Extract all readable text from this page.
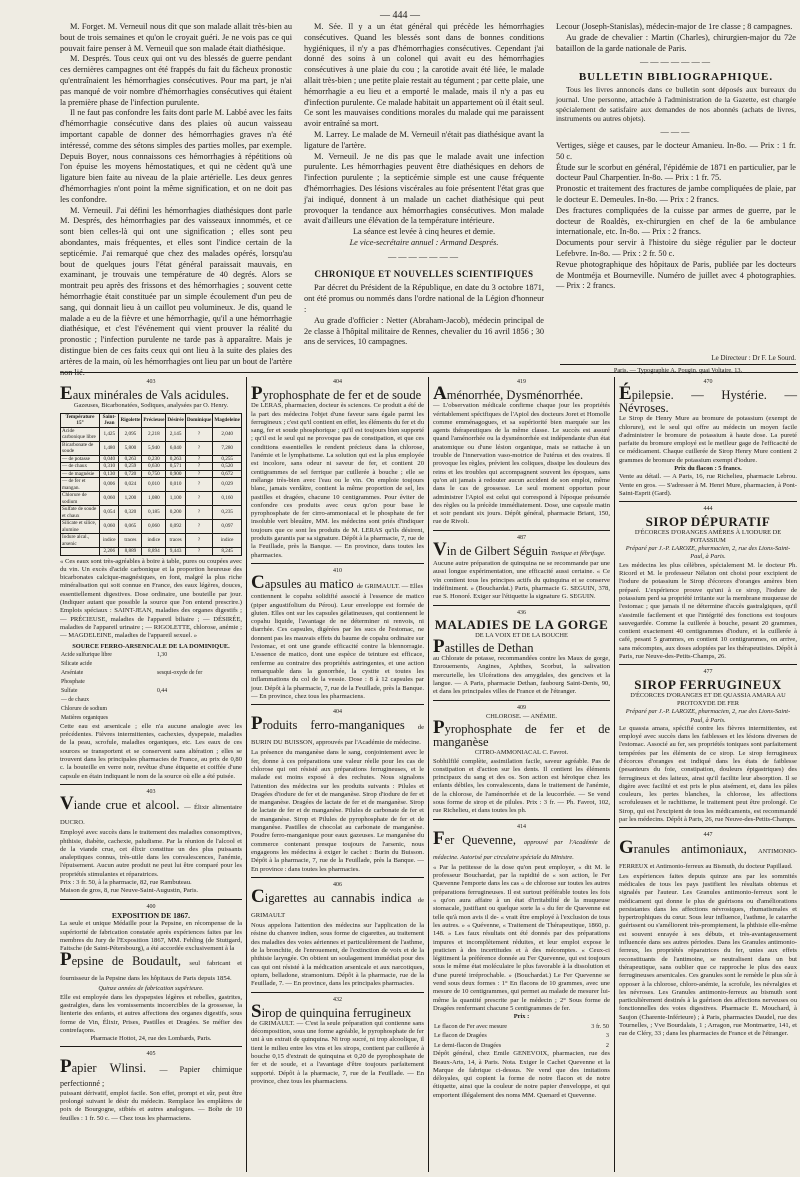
— 444 —

M. Forget. M. Verneuil nous dit que son malade allait très-bien au bout de trois semaines et qu'on le croyait guéri. Je ne vois pas ce qui pouvait faire penser à M. Verneuil que son malade était diathésique.

M. Després. Tous ceux qui ont vu des blessés de guerre pendant ces dernières campagnes ont été frappés du fait du fâcheux pronostic qu'entraînaient les hémorrhagies consécutives. Pour ma part, je n'ai pas manqué de voir nombre d'hémorrhagies consécutives qui étaient la première phase de l'infection purulente.

Il ne faut pas confondre les faits dont parle M. Labbé avec les faits d'hémorrhagie consécutive dans des plaies où aucun vaisseau important capable de donner des hémorrhagies graves n'a été intéressé, comme des sétons simples des parties molles, par exemple. Depuis Boyer, nous connaissons ces hémorrhagies à répétitions où l'on épuise les moyens hémostatiques, et qui ne cèdent qu'à une ligature bien faite au niveau de la plaie artérielle. Les deux genres d'hémorrhagies n'ont point la même signification, et on ne doit pas les confondre.

M. Verneuil. J'ai défini les hémorrhagies diathésiques dont parle M. Després, des hémorrhagies par des vaisseaux innommés, et ce sont bien celles-là qui ont une signification ; elles sont peu abondantes, mais fréquentes, et elles sont l'indice certain de la septicémie. J'ai remarqué que chez des malades opérés, lorsqu'au bout de quelques jours l'état général paraissait mauvais, en examinant, je trouvais une température de 40 degrés. Alors se montrait peu après des frissons et des hémorrhagies ; souvent cette hémorrhagie était constituée par un simple écoulement d'un peu de sang, qui donnait lieu à un caillot peu volumineux. Je dis, quand le malade a eu de la fièvre et une hémorrhagie, qu'il a une hémorrhagie diathésique, et c'est l'événement qui vient prouver la réalité du pronostic ; l'infection purulente ne tarde pas à apparaître. Mais je distingue bien de ces faits ceux qui ont lieu à la suite des plaies des artères de la main, où les hémorrhagies ont lieu par un bout de l'artère non lié.

M. Sée. Il y a un état général qui précède les hémorrhagies consécutives. Quand les blessés sont dans de bonnes conditions hygiéniques, il n'y a pas d'hémorrhagies consécutives. Cependant j'ai donné des soins à un colonel qui avait eu des hémorrhagies consécutives à une plaie du cou ; la carotide avait été liée, le malade allait très-bien ; une petite plaie restait au tégument ; par cette plaie, une hémorrhagie a eu lieu et a emporté le malade, mais il n'y a pas eu d'infection purulente. Ce malade habitait un appartement où il était seul. Ce sont les mauvaises conditions morales du malade qui me paraissent avoir entraîné sa mort.

M. Larrey. Le malade de M. Verneuil n'était pas diathésique avant la ligature de l'artère.

M. Verneuil. Je ne dis pas que le malade avait une infection purulente. Les hémorrhagies peuvent être diathésiques en dehors de l'infection purulente ; la septicémie simple est une cause fréquente d'hémorrhagies. Des lésions viscérales au foie présentent l'état gras que j'ai indiqué, donnent à un malade un cachet diathésique qui peut provoquer la tendance aux hémorrhagies consécutives. Mon malade avait d'ailleurs une élévation de la température intérieure.

La séance est levée à cinq heures et demie.

Le vice-secrétaire annuel : Armand Després.

———————
CHRONIQUE ET NOUVELLES SCIENTIFIQUES

Par décret du Président de la République, en date du 3 octobre 1871, ont été promus ou nommés dans l'ordre national de la Légion d'honneur :

Au grade d'officier : Netter (Abraham-Jacob), médecin principal de 2e classe à l'hôpital militaire de Rennes, chevalier du 16 avril 1856 ; 30 ans de services, 10 campagnes.

Lecour (Joseph-Stanislas), médecin-major de 1re classe ; 8 campagnes.

Au grade de chevalier : Martin (Charles), chirurgien-major du 72e bataillon de la garde nationale de Paris.

———————
BULLETIN BIBLIOGRAPHIQUE.

Tous les livres annoncés dans ce bulletin sont déposés aux bureaux du journal. Une personne, attachée à l'administration de la Gazette, est chargée spécialement de satisfaire aux demandes de nos abonnés (achats de livres, instruments ou autres objets).

———

Vertiges, siège et causes, par le docteur Amanieu. In-8o. — Prix : 1 fr. 50 c.

Étude sur le scorbut en général, l'épidémie de 1871 en particulier, par le docteur Paul Charpentier. In-8o. — Prix : 1 fr. 75.

Pronostic et traitement des fractures de jambe compliquées de plaie, par le docteur E. Demeules. In-8o. — Prix : 2 francs.

Des fractures compliquées de la cuisse par armes de guerre, par le docteur de Roaldès, ex-chirurgien en chef de la 6e ambulance internationale, etc. In-8o. — Prix : 2 francs.

Documents pour servir à l'histoire du siège régulier par le docteur Lefebvre. In-8o. — Prix : 2 fr. 50 c.

Revue photographique des hôpitaux de Paris, publiée par les docteurs de Montméja et Bourneville. Numéro de juillet avec 4 photographies. — Prix : 2 francs.

Le Directeur : Dr F. Le Sourd.
Paris. — Typographie A. Pougin, quai Voltaire, 13.
403
Eaux minérales de Vals acidules.
Gazeuses, Bicarbonatées, Sodiques, analysées par O. Henry.
Température 15°	Saint-Jean	Rigolette	Précieuse	Désirée	Dominique	Magdeleine
Acide carbonique libre	1,425	2,095	2,218	2,145	?	2,040
Bicarbonate de soude	1,480	5,800	5,940	6,040	?	7,280
— de potasse	0,040	0,263	0,230	0,263	?	0,255
— de chaux	0,310	0,259	0,630	0,571	?	0,520
— de magnésie	0,130	0,720	0,750	0,900	?	0,672
— de fer et mangan.	0,006	0,024	0,010	0,010	?	0,029
Chlorure de sodium	0,060	1,200	1,080	1,100	?	0,160
Sulfate de soude et chaux	0,054	0,320	0,185	0,200	?	0,235
Silicate et silice, alumine	0,060	0,065	0,060	0,092	?	0,097
Iodure alcal., arsenic	indice	traces	indice	traces	?	indice
	2,206	8,889	8,894	9,443	?	8,245
« Ces eaux sont très-agréables à boire à table, pures ou coupées avec du vin. Un excès d'acide carbonique et la proportion heureuse des bicarbonates calcique-magnésiques, en font, malgré la plus riche minéralisation qui soit connue en France, des eaux légères, douces, essentiellement digestives. Dose ordinaire, une bouteille par jour. (Indiquer autant que possible la source que l'on entend prescrire.) Emplois spéciaux : SAINT-JEAN, maladies des organes digestifs ; — PRÉCIEUSE, maladies de l'appareil biliaire ; — DÉSIRÉE, maladies de l'appareil urinaire ; — RIGOLETTE, chlorose, anémie ; — MAGDELEINE, maladies de l'appareil sexuel. »
SOURCE FERRO-ARSENICALE DE LA DOMINIQUE.
Acide sulfurique libre	1,30
Silicate acide	
Arséniate	sesqui-oxyde de fer
Phosphate	
Sulfate	0,44
— de chaux	
Chlorure de sodium	
Matières organiques	
Cette eau est arsenicale ; elle n'a aucune analogie avec les précédentes. Fièvres intermittentes, cachexies, dyspepsie, maladies de la peau, scrofule, maladies organiques, etc. Les eaux de ces sources se transportent et se conservent sans altération ; elles se trouvent dans les principales pharmacies de France, au prix de 0,80 c. la bouteille en verre noir, revêtue d'une étiquette et coiffée d'une capsule en étain indiquant le nom de la source où elle a été puisée.
403
Viande crue et alcool. — Élixir alimentaire DUCRO.
Employé avec succès dans le traitement des maladies consomptives, phthisie, diabète, cachexie, paludisme. Par la réunion de l'alcool et de la viande crue, cet élixir constitue un des plus puissants analeptiques connus, très-utile dans les convalescences, l'anémie, l'épuisement. Aucun autre produit ne peut lui être comparé pour les propriétés stimulantes et réparatrices.
Prix : 3 fr. 50, à la pharmacie, 82, rue Rambuteau.
Maison de gros, 8, rue Neuve-Saint-Augustin, Paris.
400
EXPOSITION DE 1867.
La seule et unique Médaille pour la Pepsine, en récompense de la supériorité de fabrication constatée après expériences faites par les membres du Jury de l'Exposition 1867, MM. Fehling (de Stuttgard, Faitsche (de Saint-Pétersbourg), a été accordée exclusivement à la
Pepsine de Boudault, seul fabricant et fournisseur de la Pepsine dans les hôpitaux de Paris depuis 1854.
Quinze années de fabrication supérieure.
Elle est employée dans les dyspepsies légères et rebelles, gastrites, gastralgies, dans les vomissements incoercibles de la grossesse, la lienterie des enfants, et autres affections des organes digestifs, sous forme de Vin, Élixir, Prises, Pastilles et Dragées. Se méfier des contrefaçons.
Pharmacie Hottot, 24, rue des Lombards, Paris.
405
Papier Wlinsi. — Papier chimique perfectionné ;
puissant dérivatif, emploi facile. Son effet, prompt et sûr, peut être prolongé suivant le désir du médecin. Remplace les emplâtres de poix de Bourgogne, stibiés et autres analogues. — Boîte de 10 feuilles : 1 fr. 50 c. — Chez tous les pharmaciens.
404
Pyrophosphate de fer et de soude
De LERAS, pharmacien, docteur ès sciences. Ce produit a été de la part des médecins l'objet d'une faveur sans égale parmi les ferrugineux ; c'est qu'il contient en effet, les éléments du fer et du sang, fer et soude phosphorique ; qu'il est toujours bien supporté ; qu'il est le seul qui ne provoque pas de constipation, et que ces conditions essentielles le rendent précieux dans la chlorose, l'anémie et le lymphatisme. La solution qui est la plus employée est incolore, sans odeur ni saveur de fer, et contient 20 centigrammes de sel ferrique par cuillerée à bouche ; elle se mélange très-bien avec l'eau ou le vin. On emploie toujours blanc, jamais verdâtre, contient la même proportion de sel, les pastilles et dragées, chacune 10 centigrammes. Pour éviter de confondre ces produits avec ceux qu'on pour base le pyrophosphate de fer cirro-ammoniacal et le phosphate de fer insoluble vert bleuâtre, MM. les médecins sont priés d'indiquer toujours que ce sont les produits de M. LERAS qu'ils désirent, produits garantis par sa signature. Dépôt à la pharmacie, 7, rue de la Feuillade, près la Banque. — En province, dans toutes les pharmacies.
410
Capsules au matico de GRIMAULT. — Elles
contiennent le copahu solidifié associé à l'essence de matico (piper angustifolium du Pérou). Leur enveloppe est formée de gluten. Elles ont sur les capsules gélatineuses, qui contiennent le copahu liquide, l'avantage de ne déterminer ni renvois, ni diarrhée. Ces capsules, digérées par les sucs de l'estomac, ne donnent pas les mauvais effets du baume de copahu ordinaire sur l'estomac, et ont une grande efficacité contre la blennorragie. L'essence de matico, dont une espèce de teinture est efficace, renferme au contraire des propriétés astringentes, et une action remarquable dans la gonorrhée, la cystite et toutes les inflammations du col de la vessie. Dose : 8 à 12 capsules par jour. Dépôt à la pharmacie, 7, rue de la Feuillade, près la Banque. — En province, chez tous les pharmaciens.
404
Produits ferro-manganiques de BURIN DU BUISSON, approuvés par l'Académie de médecine.
La présence du manganèse dans le sang, conjointement avec le fer, donne à ces préparations une valeur réelle pour les cas de chlorose qui ont résisté aux préparations ferrugineuses, et le malade est moins exposé à des rechutes. Nous signalons l'attention des médecins sur les produits suivants : Pilules et Dragées d'iodure de fer et de manganèse. Sirop d'iodure de fer et de manganèse. Dragées de lactate de fer et de manganèse. Sirop de lactate de fer et de manganèse. Pilules de carbonate de fer et de manganèse. Sirop et Pilules de pyrophosphate de fer et de manganèse. Pastilles de chocolat au carbonate de manganèse. Poudre ferro-manganique pour eaux gazeuses. Le manganèse du commerce contenant presque toujours de l'arsenic, nous engageons les médecins à exiger le cachet : Burin du Buisson. Dépôt à la pharmacie, 7, rue de la Feuillade, près la Banque. — En province : dans toutes les pharmacies.
406
Cigarettes au cannabis indica de GRIMAULT
Nous appelons l'attention des médecins sur l'application de la résine du chanvre indien, sous forme de cigarettes, au traitement des maladies des voies aériennes et particulièrement de l'asthme, de la bronchite, de l'enrouement, de l'extinction de voix et de la phthisie laryngée. On obtient un soulagement immédiat pour des cas qui ont résisté à la médication arsenicale et aux narcotiques, opium, belladone, stramonium. Dépôt à la pharmacie, rue de la Feuillade, 7. — En province, dans les principales pharmacies.
432
Sirop de quinquina ferrugineux
de GRIMAULT. — C'est la seule préparation qui contienne sans décomposition, sous une forme agréable, le pyrophosphate de fer uni à un extrait de quinquina. Ni trop sucré, ni trop alcoolique, il tient le milieu entre les vins et les sirops, contient par cuillerée à bouche 0,15 d'extrait de quinquina et 0,20 de pyrophosphate de fer et de soude, et a l'avantage d'être toujours parfaitement supporté. Dépôt à la pharmacie, 7, rue de la Feuillade. — En province, chez tous les pharmaciens.
419
Aménorrhée, Dysménorrhée.
— L'observation médicale confirme chaque jour les propriétés véritablement spécifiques de l'Apiol des docteurs Joret et Homolle comme emménagogues, et sa supériorité bien marquée sur les agents thérapeutiques de la même classe. Le succès est assuré quand l'aménorrhée ou la dysménorrhée est indépendante d'un état anatomique ou d'une lésion organique, mais se rattache à un trouble de l'innervation vaso-motrice de l'utérus et des ovaires. Il provoque les règles, prévient les coliques, dissipe les douleurs des reins et les troubles qui accompagnent souvent les époques, sans qu'on ait jamais à redouter aucun accident de son emploi, même dans le cas de grossesse. Le seul moment opportun pour administrer l'Apiol est celui qui correspond à l'époque présumée des règles ou la précède immédiatement. Dose, une capsule matin et soir pendant six jours. Dépôt général, pharmacie Briant, 150, rue de Rivoli.
487
Vin de Gilbert Séguin Tonique et fébrifuge.
Aucune autre préparation de quinquina ne se recommande par une aussi longue expérimentation, une efficacité aussi certaine. « Ce vin contient tous les principes actifs du quinquina et se conserve indéfiniment. » (Bouchardat.) Paris, pharmacie G. SEGUIN, 378, rue S. Honoré. Exiger sur l'étiquette la signature G. SEGUIN.
436
MALADIES DE LA GORGE
DE LA VOIX ET DE LA BOUCHE
Pastilles de Dethan
au Chlorate de potasse, recommandées contre les Maux de gorge, Enrouements, Angines, Aphthes, Scorbut, la salivation mercurielle, les Ulcérations des amygdales, des gencives et la langue. — A Paris, pharmacie Dethan, faubourg Saint-Denis, 90, et dans les principales villes de France et de l'étranger.
409
CHLOROSE. — ANÉMIE.
Pyrophosphate de fer et de manganèse
CITRO-AMMONIACAL C. Favrot.
Sobhilfilé complète, assimilation facile, saveur agréable. Pas de constipation et d'action sur les dents. Il contient les éléments principaux du sang et des os. Son action est héroïque chez les enfants débiles, les convalescents, dans le traitement de l'anémie, de la chlorose, de l'aménorrhée et de la leucorrhée. — Se vend sous forme de sirop et de pilules. Prix : 3 fr. — Ph. Favrot, 102, rue Richelieu, et dans toutes les ph.
414
Fer Quevenne, approuvé par l'Académie de médecine. Autorisé par circulaire spéciale du Ministre.
« Par la petitesse de la dose qu'on peut employer, « dit M. le professeur Bouchardat, par la rapidité de « son action, le Fer Quevenne l'emporte dans les cas « de chlorose sur toutes les autres préparations ferrugineuses. Il est surtout préférable toutes les fois « qu'on aura affaire à un état d'irritabilité de la muqueuse stomacale, justifiant ou quelque sorte la « du fer de Quevenne est telle qu'à mon avis il de- « vrait être employé à l'exclusion de tous les autres. » « Quévenne, « Traitement de Thérapeutique, 1860, p. 148. » Les faux résultats ont été donnés par des préparations impures et incomplètement réduites, et leur emploi expose le praticien à des incertitudes et à des mécomptes. « Ceux-ci légitiment la préférence donnée au Fer Quevenne, qui est toujours sous le même état moléculaire le plus favorable à la dissolution et d'une pureté irréprochable. » (Bouchardat.) Le Fer Quevenne se vend sous deux formes : 1° En flacons de 10 grammes, avec une mesure de 10 centigrammes, qui permet au malade de mesurer lui-même la quantité prescrite par le médecin ; 2° Sous forme de Dragées renfermant chacune 5 centigrammes de fer.
Prix :
Le flacon de Fer avec mesure	3 fr. 50
Le flacon de Dragées	3
Le demi-flacon de Dragées	2
Dépôt général, chez Emile GENEVOIX, pharmacien, rue des Beaux-Arts, 14, à Paris. Nota. Exiger le Cachet Quevenne et la Marque de fabrique ci-dessus. Ne vend que des imitations déloyales, qui copient la forme de notre flacon et de notre étiquette, ainsi que la couleur de notre papier d'enveloppe, et qui emportent illégalement des noms MM. Quenard et Quevenne.
470
Épilepsie. — Hystérie. — Névroses.
Le Sirop de Henry Mure au bromure de potassium (exempt de chlorure), est le seul qui offre au médecin un moyen facile d'administrer le bromure de potassium à haute dose. La pureté parfaite du bromure employé est le meilleur gage de l'efficacité de ce médicament. Chaque cuillerée de Sirop Henry Mure contient 2 grammes de bromure de potassium exempt d'iodure.
Prix du flacon : 5 francs.
Vente au détail. — A Paris, 16, rue Richelieu, pharmacie Lebrou. Vente en gros. — S'adresser à M. Henri Mure, pharmacien, à Pont-Saint-Esprit (Gard).
444
SIROP DÉPURATIF
D'ÉCORCES D'ORANGES AMÈRES À L'IODURE DE POTASSIUM
Préparé par J.-P. LAROZE, pharmacien, 2, rue des Lions-Saint-Paul, à Paris.
Les médecins les plus célèbres, spécialement M. le docteur Ph. Ricord et M. le professeur Nélaton ont choisi pour excipient de l'iodure de potassium le Sirop d'écorces d'oranges amères bien préparé. L'expérience prouve qu'uni à ce sirop, l'iodure de potassium perd sa propriété irritante sur la membrane muqueuse de l'estomac ; que jamais il ne détermine d'accès gastralgiques, qu'il s'assimile facilement et que l'intégrité des fonctions est toujours sauvegardée. Comme la cuillerée à bouche, pesant 20 grammes, contient exactement 40 centigrammes d'iodure, et la cuillerée à café, pesant 5 grammes, en contient 10 centigrammes, on arrive, sans mécomptes, aux doses adoptées par les thérapeutistes. Dépôt à Paris, rue Neuve-des-Petits-Champs, 26.
477
SIROP FERRUGINEUX
D'ÉCORCES D'ORANGES ET DE QUASSIA AMARA AU PROTOXYDE DE FER
Préparé par J.-P. LAROZE, pharmacien, 2, rue des Lions-Saint-Paul, à Paris.
Le quassia amara, spécifié contre les fièvres intermittentes, est employé avec succès dans les faiblesses et les lésions diverses de l'estomac. Associé au fer, ses propriétés toniques sont parfaitement tempérées par les éléments de ce sirop. Le sirop ferrugineux d'écorces d'oranges est indiqué dans les états de faiblesse (pesanteurs du foie, constipation, douleurs épigastriques) des ferrugineux et des laiteux, ainsi qu'il facilite leur absorption. Il se digère avec facilité et est pris le plus aisément, et, dans les pâles couleurs, les pertes blanches, la chlorose, les affections scrofuleuses et le rachitisme, le traitement peut être prolongé. Ce Sirop, qui est l'excipient de tous les médicaments, est recommandé par les médecins. Dépôt à Paris, 26, rue Neuve-des-Petits-Champs.
447
Granules antimoniaux, ANTIMONIO-FERREUX et Antimonio-ferreux au Bismuth, du docteur Papillaud.
Les expériences faites depuis quinze ans par les sommités médicales de tous les pays justifient les résultats obtenus et signalés par l'auteur. Les Granules antimonio-ferreux sont le médicament qui donne le plus de guérisons ou d'améliorations persistantes dans les affections névrosiques, rhumatismales et hypertrophiques du cœur. Sous leur influence, l'asthme, le catarrhe guérissent ou s'améliorent très-promptement, la phthisie elle-même est souvent enrayée à ses débuts, et très-avantageusement influencée dans ses autres périodes. Dans les Granules antimonio-ferreux, les propriétés réparatrices du fer, unies aux effets reconstituants de l'antimoine, se neutralisent dans un but thérapeutique, sans oublier que ce rapproche le plus des eaux ferrugineuses arsenicales. Ces granules sont le remède le plus sûr à opposer à la chlorose, chloro-anémie, la scrofule, les névralgies et les névroses. Les Granules antimonio-ferreux au bismuth sont particulièrement destinés à la guérison des affections nerveuses ou fonctionnelles des voies digestives. Pharmacie E. Mouchard, à Saujon (Charente-Inférieure) ; à Paris, pharmacies Daudel, rue des Tournelles, ; Vve Bourdalais, 1 ; Arragon, rue Montmartre, 141, et rue de Cléry, 33 ; dans les pharmacies de France et de l'étranger.
